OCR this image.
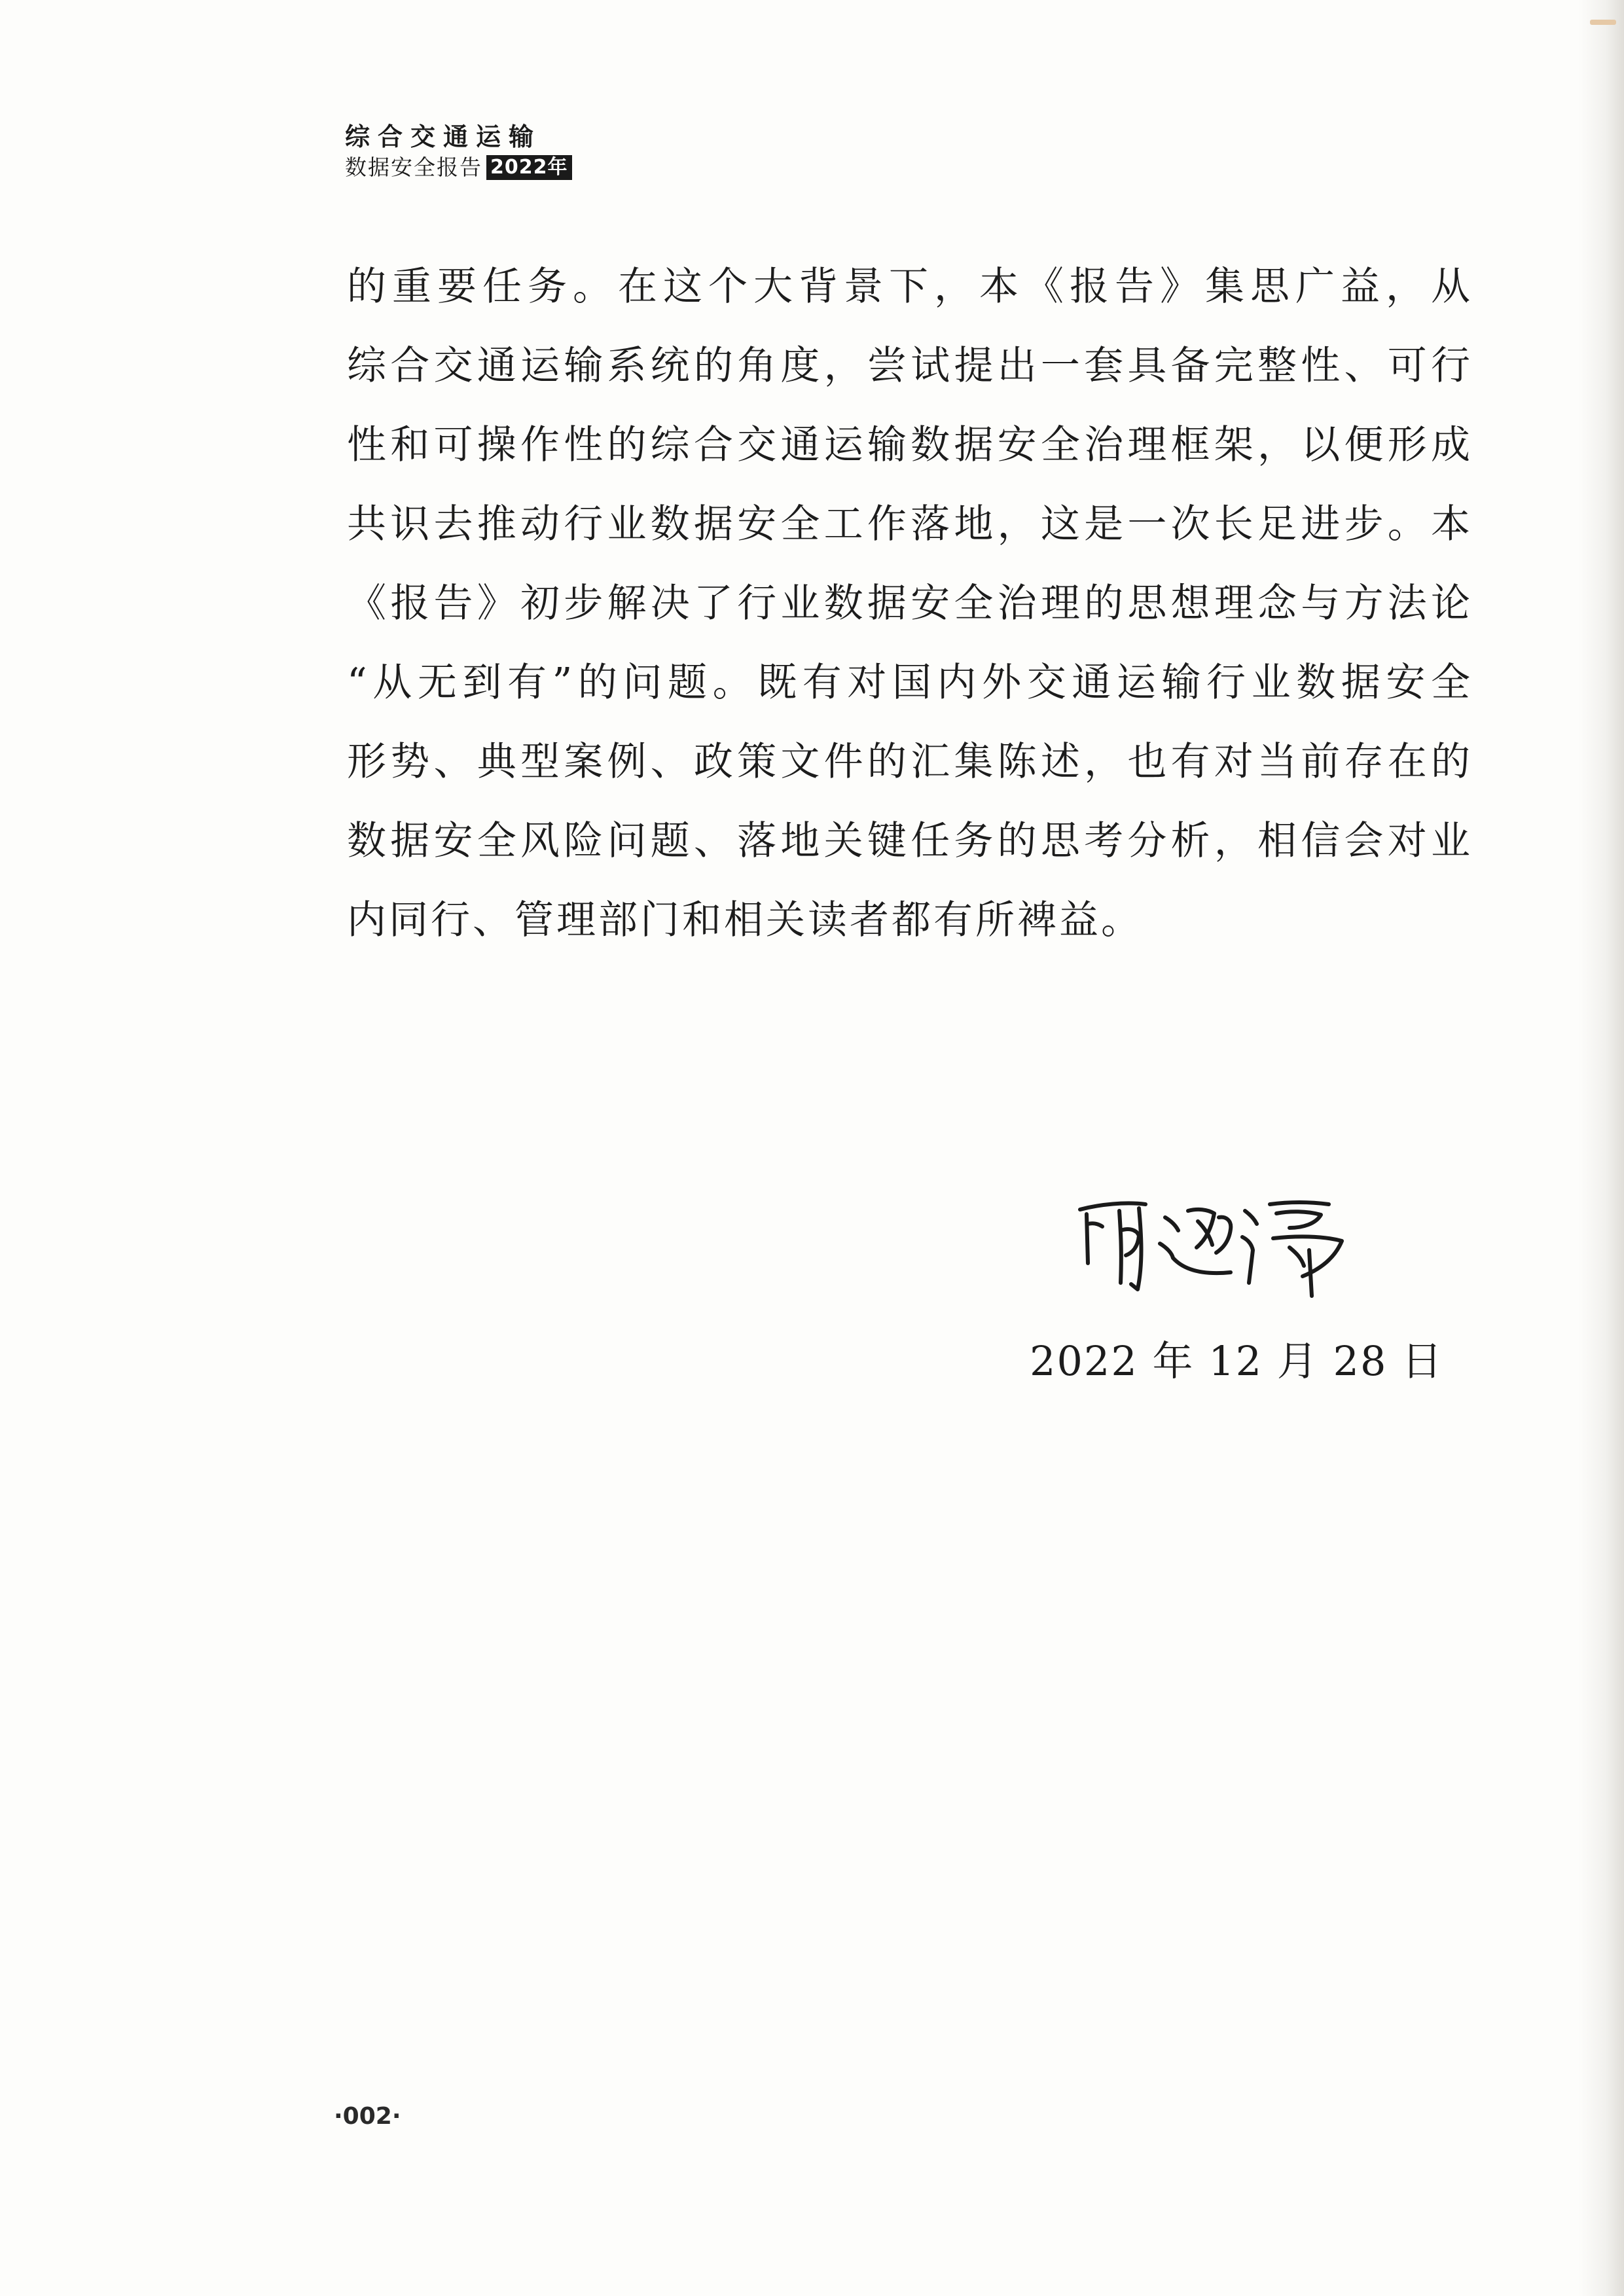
综合交通运输
数据安全报告 2022年
的重要任务。在这个大背景下，本《报告》集思广益，从
综合交通运输系统的角度，尝试提出一套具备完整性、可行
性和可操作性的综合交通运输数据安全治理框架，以便形成
共识去推动行业数据安全工作落地，这是一次长足进步。本
《报告》初步解决了行业数据安全治理的思想理念与方法论
“从无到有”的问题。既有对国内外交通运输行业数据安全
形势、典型案例、政策文件的汇集陈述，也有对当前存在的
数据安全风险问题、落地关键任务的思考分析，相信会对业
内同行、管理部门和相关读者都有所裨益。
2022 年 12 月 28 日
·002·
